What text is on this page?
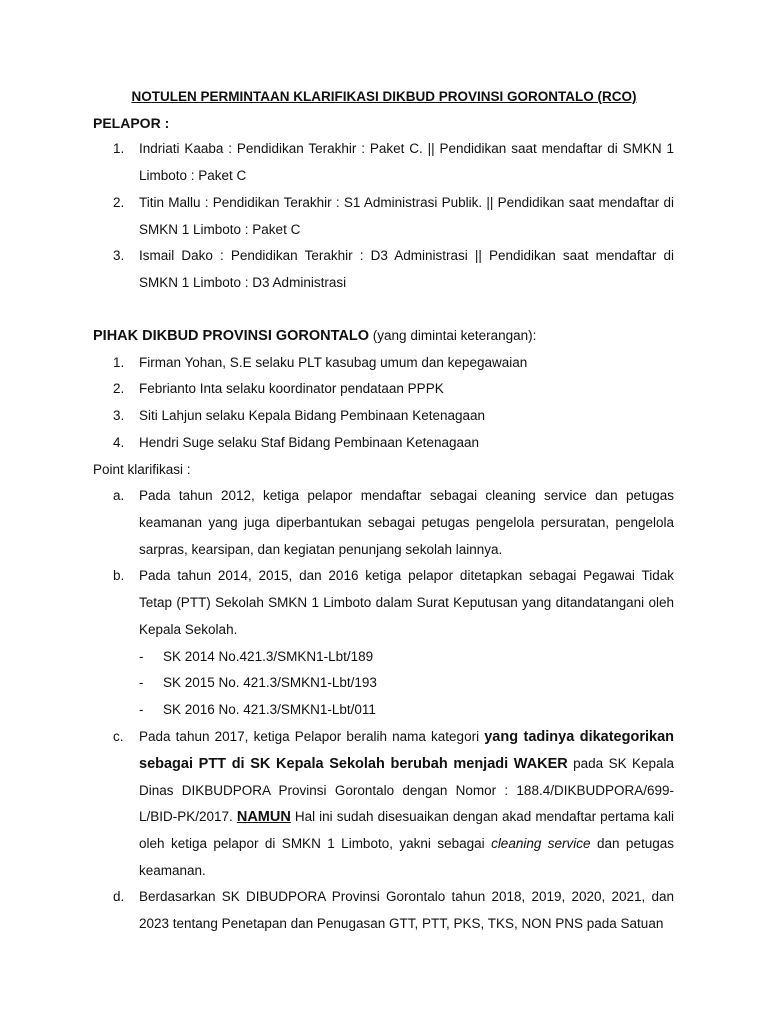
NOTULEN PERMINTAAN KLARIFIKASI DIKBUD PROVINSI GORONTALO (RCO)
PELAPOR :
1. Indriati Kaaba : Pendidikan Terakhir : Paket C. || Pendidikan saat mendaftar di SMKN 1 Limboto : Paket C
2. Titin Mallu : Pendidikan Terakhir : S1 Administrasi Publik. || Pendidikan saat mendaftar di SMKN 1 Limboto : Paket C
3. Ismail Dako : Pendidikan Terakhir : D3 Administrasi || Pendidikan saat mendaftar di SMKN 1 Limboto : D3 Administrasi
PIHAK DIKBUD PROVINSI GORONTALO (yang dimintai keterangan):
1. Firman Yohan, S.E selaku PLT kasubag umum dan kepegawaian
2. Febrianto Inta selaku koordinator pendataan PPPK
3. Siti Lahjun selaku Kepala Bidang Pembinaan Ketenagaan
4. Hendri Suge selaku Staf Bidang Pembinaan Ketenagaan
Point klarifikasi :
a. Pada tahun 2012, ketiga pelapor mendaftar sebagai cleaning service dan petugas keamanan yang juga diperbantukan sebagai petugas pengelola persuratan, pengelola sarpras, kearsipan, dan kegiatan penunjang sekolah lainnya.
b. Pada tahun 2014, 2015, dan 2016 ketiga pelapor ditetapkan sebagai Pegawai Tidak Tetap (PTT) Sekolah SMKN 1 Limboto dalam Surat Keputusan yang ditandatangani oleh Kepala Sekolah.
- SK 2014 No.421.3/SMKN1-Lbt/189
- SK 2015 No. 421.3/SMKN1-Lbt/193
- SK 2016 No. 421.3/SMKN1-Lbt/011
c. Pada tahun 2017, ketiga Pelapor beralih nama kategori yang tadinya dikategorikan sebagai PTT di SK Kepala Sekolah berubah menjadi WAKER pada SK Kepala Dinas DIKBUDPORA Provinsi Gorontalo dengan Nomor : 188.4/DIKBUDPORA/699-L/BID-PK/2017. NAMUN Hal ini sudah disesuaikan dengan akad mendaftar pertama kali oleh ketiga pelapor di SMKN 1 Limboto, yakni sebagai cleaning service dan petugas keamanan.
d. Berdasarkan SK DIBUDPORA Provinsi Gorontalo tahun 2018, 2019, 2020, 2021, dan 2023 tentang Penetapan dan Penugasan GTT, PTT, PKS, TKS, NON PNS pada Satuan
